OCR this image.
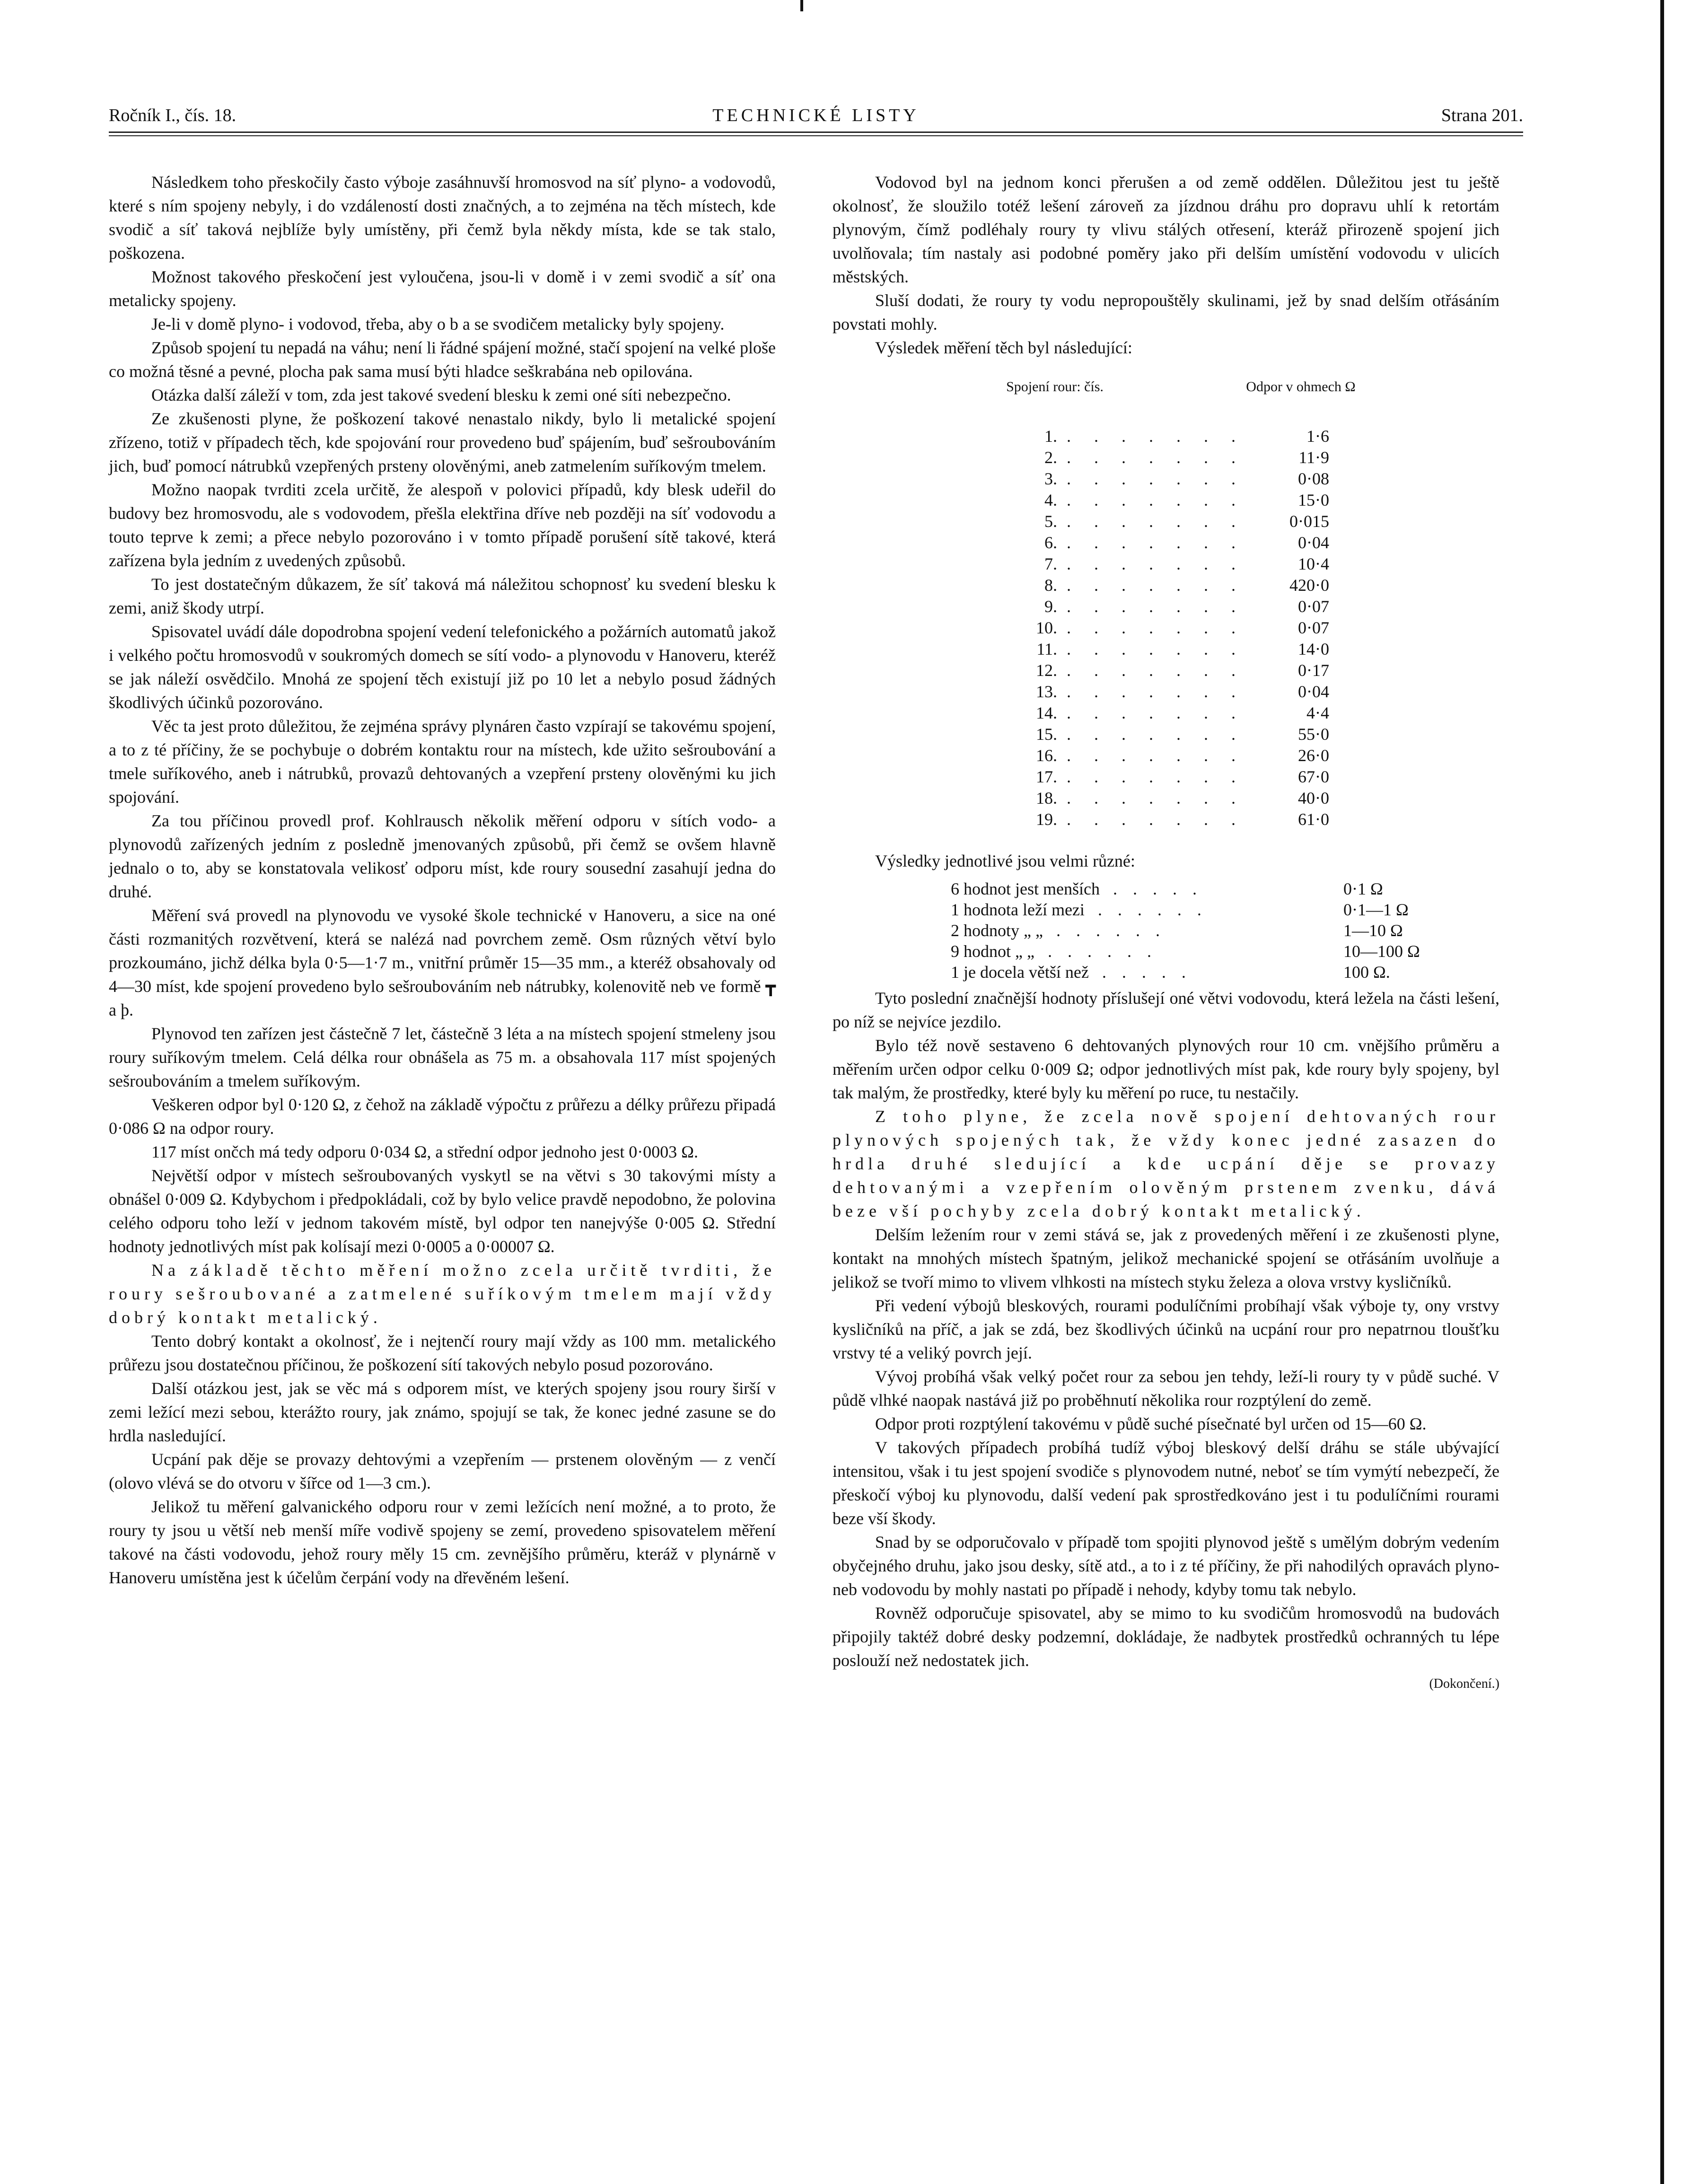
TECHNICKÉ LISTY
Ročník I., čís. 18.	Strana 201.

Následkem toho přeskočily často výboje zasáhnuvší hromosvod na síť plyno- a vodovodů, které s ním spojeny nebyly, i do vzdáleností dosti značných, a to zejména na těch místech, kde svodič a síť taková nejblíže byly umístěny, při čemž byla někdy místa, kde se tak stalo, poškozena.

Možnost takového přeskočení jest vyloučena, jsou-li v domě i v zemi svodič a síť ona metalicky spojeny.

Je-li v domě plyno- i vodovod, třeba, aby o b a se svodičem metalicky byly spojeny.

Způsob spojení tu nepadá na váhu; není li řádné spájení možné, stačí spojení na velké ploše co možná těsné a pevné, plocha pak sama musí býti hladce seškrabána neb opilována.

Otázka další záleží v tom, zda jest takové svedení blesku k zemi oné síti nebezpečno.

Ze zkušenosti plyne, že poškození takové nenastalo nikdy, bylo li metalické spojení zřízeno, totiž v případech těch, kde spojování rour provedeno buď spájením, buď sešroubováním jich, buď pomocí nátrubků vzepřených prsteny olověnými, aneb zatmelením suříkovým tmelem.

Možno naopak tvrditi zcela určitě, že alespoň v polovici případů, kdy blesk udeřil do budovy bez hromosvodu, ale s vodovodem, přešla elektřina dříve neb později na síť vodovodu a touto teprve k zemi; a přece nebylo pozorováno i v tomto případě porušení sítě takové, která zařízena byla jedním z uvedených způsobů.

To jest dostatečným důkazem, že síť taková má náležitou schopnosť ku svedení blesku k zemi, aniž škody utrpí.

Spisovatel uvádí dále dopodrobna spojení vedení telefonického a požárních automatů jakož i velkého počtu hromosvodů v soukromých domech se sítí vodo- a plynovodu v Hanoveru, kteréž se jak náleží osvědčilo. Mnohá ze spojení těch existují již po 10 let a nebylo posud žádných škodlivých účinků pozorováno.

Věc ta jest proto důležitou, že zejména správy plynáren často vzpírají se takovému spojení, a to z té příčiny, že se pochybuje o dobrém kontaktu rour na místech, kde užito sešroubování a tmele suříkového, aneb i nátrubků, provazů dehtovaných a vzepření prsteny olověnými ku jich spojování.

Za tou příčinou provedl prof. Kohlrausch několik měření odporu v sítích vodo- a plynovodů zařízených jedním z posledně jmenovaných způsobů, při čemž se ovšem hlavně jednalo o to, aby se konstatovala velikosť odporu míst, kde roury sousední zasahují jedna do druhé.

Měření svá provedl na plynovodu ve vysoké škole technické v Hanoveru, a sice na oné části rozmanitých rozvětvení, která se nalézá nad povrchem země. Osm různých větví bylo prozkoumáno, jichž délka byla 0·5—1·7 m., vnitřní průměr 15—35 mm., a kteréž obsahovaly od 4—30 míst, kde spojení provedeno bylo sešroubováním neb nátrubky, kolenovitě neb ve formě ┳ a þ.

Plynovod ten zařízen jest částečně 7 let, částečně 3 léta a na místech spojení stmeleny jsou roury suříkovým tmelem. Celá délka rour obnášela as 75 m. a obsahovala 117 míst spojených sešroubováním a tmelem suříkovým.

Veškeren odpor byl 0·120 Ω, z čehož na základě výpočtu z průřezu a délky průřezu připadá 0·086 Ω na odpor roury.

117 míst ončch má tedy odporu 0·034 Ω, a střední odpor jednoho jest 0·0003 Ω.

Největší odpor v místech sešroubovaných vyskytl se na větvi s 30 takovými místy a obnášel 0·009 Ω. Kdybychom i předpokládali, což by bylo velice pravdě nepodobno, že polovina celého odporu toho leží v jednom takovém místě, byl odpor ten nanejvýše 0·005 Ω. Střední hodnoty jednotlivých míst pak kolísají mezi 0·0005 a 0·00007 Ω.

Na základě těchto měření možno zcela určitě tvrditi, že roury sešroubované a zatmelené suříkovým tmelem mají vždy dobrý kontakt metalický.

Tento dobrý kontakt a okolnosť, že i nejtenčí roury mají vždy as 100 mm. metalického průřezu jsou dostatečnou příčinou, že poškození sítí takových nebylo posud pozorováno.

Další otázkou jest, jak se věc má s odporem míst, ve kterých spojeny jsou roury širší v zemi ležící mezi sebou, kterážto roury, jak známo, spojují se tak, že konec jedné zasune se do hrdla nasledující.

Ucpání pak děje se provazy dehtovými a vzepřením — prstenem olověným — z venčí (olovo vlévá se do otvoru v šířce od 1—3 cm.).

Jelikož tu měření galvanického odporu rour v zemi ležících není možné, a to proto, že roury ty jsou u větší neb menší míře vodivě spojeny se zemí, provedeno spisovatelem měření takové na části vodovodu, jehož roury měly 15 cm. zevnějšího průměru, kteráž v plynárně v Hanoveru umístěna jest k účelům čerpání vody na dřevěném lešení.

Vodovod byl na jednom konci přerušen a od země oddělen. Důležitou jest tu ještě okolnosť, že sloužilo totéž lešení zároveň za jízdnou dráhu pro dopravu uhlí k retortám plynovým, čímž podléhaly roury ty vlivu stálých otřesení, kteráž přirozeně spojení jich uvolňovala; tím nastaly asi podobné poměry jako při delším umístění vodovodu v ulicích městských.

Sluší dodati, že roury ty vodu nepropouštěly skulinami, jež by snad delším otřásáním povstati mohly.

Výsledek měření těch byl následující:

Spojení rour: čís.	Odpor v ohmech Ω
1. . . . . . . .	1·6
2. . . . . . . .	11·9
3. . . . . . . .	0·08
4. . . . . . . .	15·0
5. . . . . . . .	0·015
6. . . . . . . .	0·04
7. . . . . . . .	10·4
8. . . . . . . .	420·0
9. . . . . . . .	0·07
10. . . . . . . .	0·07
11. . . . . . . .	14·0
12. . . . . . . .	0·17
13. . . . . . . .	0·04
14. . . . . . . .	4·4
15. . . . . . . .	55·0
16. . . . . . . .	26·0
17. . . . . . . .	67·0
18. . . . . . . .	40·0
19. . . . . . . .	61·0

Výsledky jednotlivé jsou velmi různé:

6 hodnot jest menších . . . . .	0·1 Ω
1 hodnota leží mezi . . . . . .	0·1—1 Ω
2 hodnoty „ „ . . . . . .	1—10 Ω
9 hodnot „ „ . . . . . .	10—100 Ω
1 je docela větší než . . . . .	100 Ω.

Tyto poslední značnější hodnoty příslušejí oné větvi vodovodu, která ležela na části lešení, po níž se nejvíce jezdilo.

Bylo též nově sestaveno 6 dehtovaných plynových rour 10 cm. vnějšího průměru a měřením určen odpor celku 0·009 Ω; odpor jednotlivých míst pak, kde roury byly spojeny, byl tak malým, že prostředky, které byly ku měření po ruce, tu nestačily.

Z toho plyne, že zcela nově spojení dehtovaných rour plynových spojených tak, že vždy konec jedné zasazen do hrdla druhé sledující a kde ucpání děje se provazy dehtovanými a vzepřením olověným prstenem zvenku, dává beze vší pochyby zcela dobrý kontakt metalický.

Delším ležením rour v zemi stává se, jak z provedených měření i ze zkušenosti plyne, kontakt na mnohých místech špatným, jelikož mechanické spojení se otřásáním uvolňuje a jelikož se tvoří mimo to vlivem vlhkosti na místech styku železa a olova vrstvy kysličníků.

Při vedení výbojů bleskových, rourami podulíčními probíhají však výboje ty, ony vrstvy kysličníků na příč, a jak se zdá, bez škodlivých účinků na ucpání rour pro nepatrnou tloušťku vrstvy té a veliký povrch její.

Vývoj probíhá však velký počet rour za sebou jen tehdy, leží-li roury ty v půdě suché. V půdě vlhké naopak nastává již po proběhnutí několika rour rozptýlení do země.

Odpor proti rozptýlení takovému v půdě suché písečnaté byl určen od 15—60 Ω.

V takových případech probíhá tudíž výboj bleskový delší dráhu se stále ubývající intensitou, však i tu jest spojení svodiče s plynovodem nutné, neboť se tím vymýtí nebezpečí, že přeskočí výboj ku plynovodu, další vedení pak sprostředkováno jest i tu podulíčními rourami beze vší škody.

Snad by se odporučovalo v případě tom spojiti plynovod ještě s umělým dobrým vedením obyčejného druhu, jako jsou desky, sítě atd., a to i z té příčiny, že při nahodilých opravách plyno- neb vodovodu by mohly nastati po případě i nehody, kdyby tomu tak nebylo.

Rovněž odporučuje spisovatel, aby se mimo to ku svodičům hromosvodů na budovách připojily taktéž dobré desky podzemní, dokládaje, že nadbytek prostředků ochranných tu lépe poslouží než nedostatek jich.

(Dokončení.)
